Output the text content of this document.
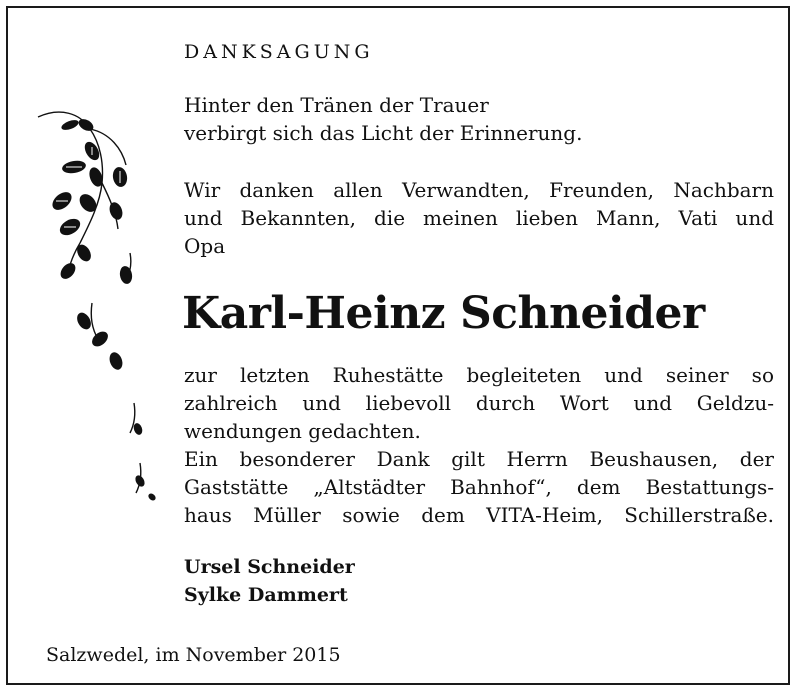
DANKSAGUNG
Hinter den Tränen der Trauer
verbirgt sich das Licht der Erinnerung.
Wir danken allen Verwandten, Freunden, Nachbarn
und Bekannten, die meinen lieben Mann, Vati und
Opa
Karl-Heinz Schneider
zur letzten Ruhestätte begleiteten und seiner so
zahlreich und liebevoll durch Wort und Geldzu-
wendungen gedachten.
Ein besonderer Dank gilt Herrn Beushausen, der
Gaststätte „Altstädter Bahnhof“, dem Bestattungs-
haus Müller sowie dem VITA-Heim, Schillerstraße.
Ursel Schneider
Sylke Dammert
Salzwedel, im November 2015
